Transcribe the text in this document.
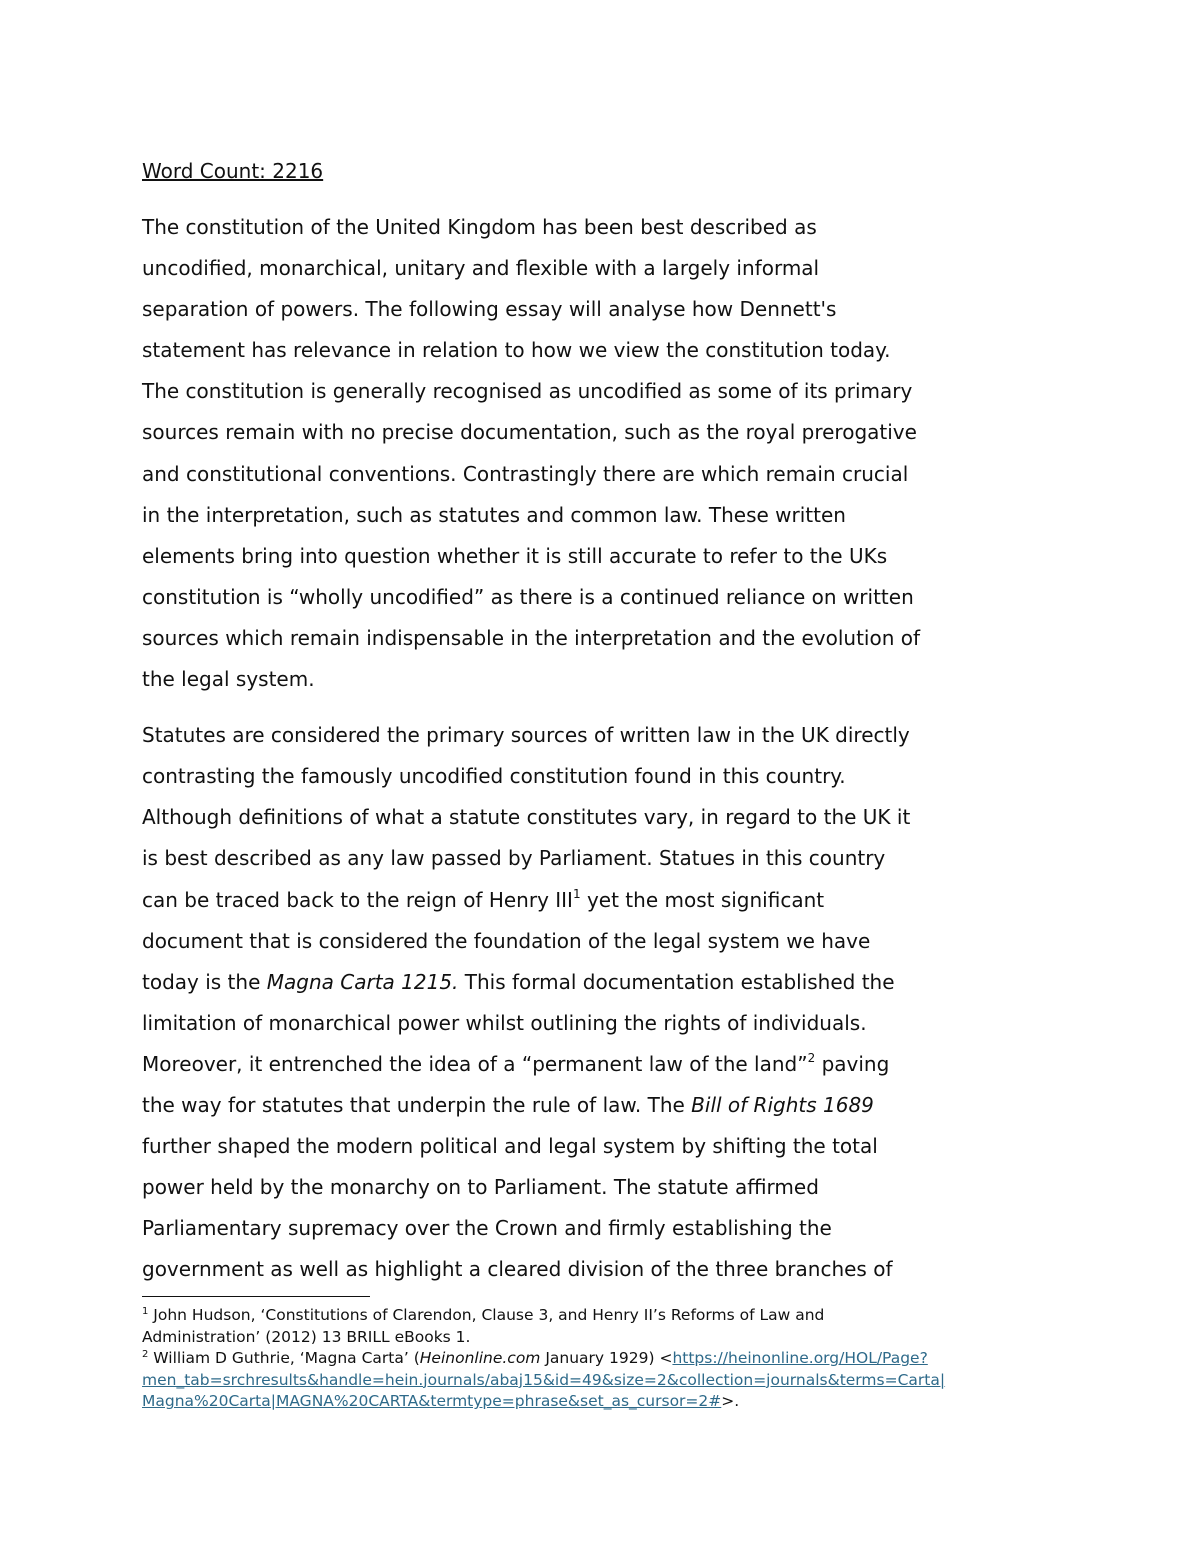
Word Count: 2216
The constitution of the United Kingdom has been best described as
uncodified, monarchical, unitary and flexible with a largely informal
separation of powers. The following essay will analyse how Dennett's
statement has relevance in relation to how we view the constitution today.
The constitution is generally recognised as uncodified as some of its primary
sources remain with no precise documentation, such as the royal prerogative
and constitutional conventions. Contrastingly there are which remain crucial
in the interpretation, such as statutes and common law. These written
elements bring into question whether it is still accurate to refer to the UKs
constitution is “wholly uncodified” as there is a continued reliance on written
sources which remain indispensable in the interpretation and the evolution of
the legal system.
Statutes are considered the primary sources of written law in the UK directly
contrasting the famously uncodified constitution found in this country.
Although definitions of what a statute constitutes vary, in regard to the UK it
is best described as any law passed by Parliament. Statues in this country
can be traced back to the reign of Henry III$^1$ yet the most significant
document that is considered the foundation of the legal system we have
today is the Magna Carta 1215. This formal documentation established the
limitation of monarchical power whilst outlining the rights of individuals.
Moreover, it entrenched the idea of a “permanent law of the land”$^2$ paving
the way for statutes that underpin the rule of law. The Bill of Rights 1689
further shaped the modern political and legal system by shifting the total
power held by the monarchy on to Parliament. The statute affirmed
Parliamentary supremacy over the Crown and firmly establishing the
government as well as highlight a cleared division of the three branches of
$^1$ John Hudson, ‘Constitutions of Clarendon, Clause 3, and Henry II’s Reforms of Law and
Administration’ (2012) 13 BRILL eBooks 1.
$^2$ William D Guthrie, ‘Magna Carta’ (Heinonline.com January 1929) <https://heinonline.org/HOL/Page?
men_tab=srchresults&handle=hein.journals/abaj15&id=49&size=2&collection=journals&terms=Carta|
Magna%20Carta|MAGNA%20CARTA&termtype=phrase&set_as_cursor=2#>.
